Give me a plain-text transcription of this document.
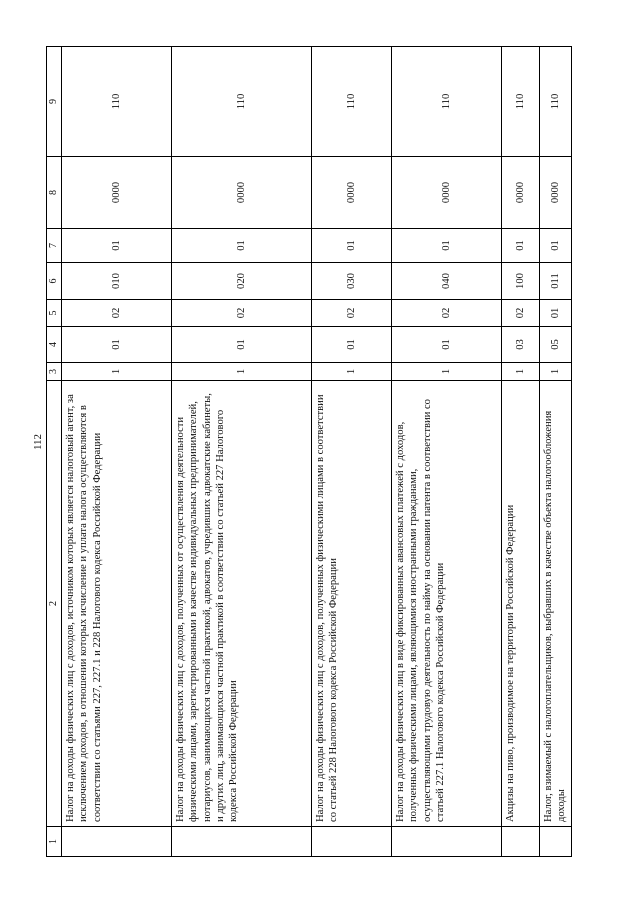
112
1	2	3	4	5	6	7	8	9
	Налог на доходы физических лиц с доходов, источником которых является налоговый агент, за исключением доходов, в отношении которых исчисление и уплата налога осуществляются в соответствии со статьями 227, 227.1 и 228 Налогового кодекса Российской Федерации	1	01	02	010	01	0000	110
	Налог на доходы физических лиц с доходов, полученных от осуществления деятельности физическими лицами, зарегистрированными в качестве индивидуальных предпринимателей, нотариусов, занимающихся частной практикой, адвокатов, учредивших адвокатские кабинеты, и других лиц, занимающихся частной практикой в соответствии со статьей 227 Налогового кодекса Российской Федерации	1	01	02	020	01	0000	110
	Налог на доходы физических лиц с доходов, полученных физическими лицами в соответствии со статьей 228 Налогового кодекса Российской Федерации	1	01	02	030	01	0000	110
	Налог на доходы физических лиц в виде фиксированных авансовых платежей с доходов, полученных физическими лицами, являющимися иностранными гражданами, осуществляющими трудовую деятельность по найму на основании патента в соответствии со статьей 227.1 Налогового кодекса Российской Федерации	1	01	02	040	01	0000	110
	Акцизы на пиво, производимое на территории Российской Федерации	1	03	02	100	01	0000	110
	Налог, взимаемый с налогоплательщиков, выбравших в качестве объекта налогообложения доходы	1	05	01	011	01	0000	110
